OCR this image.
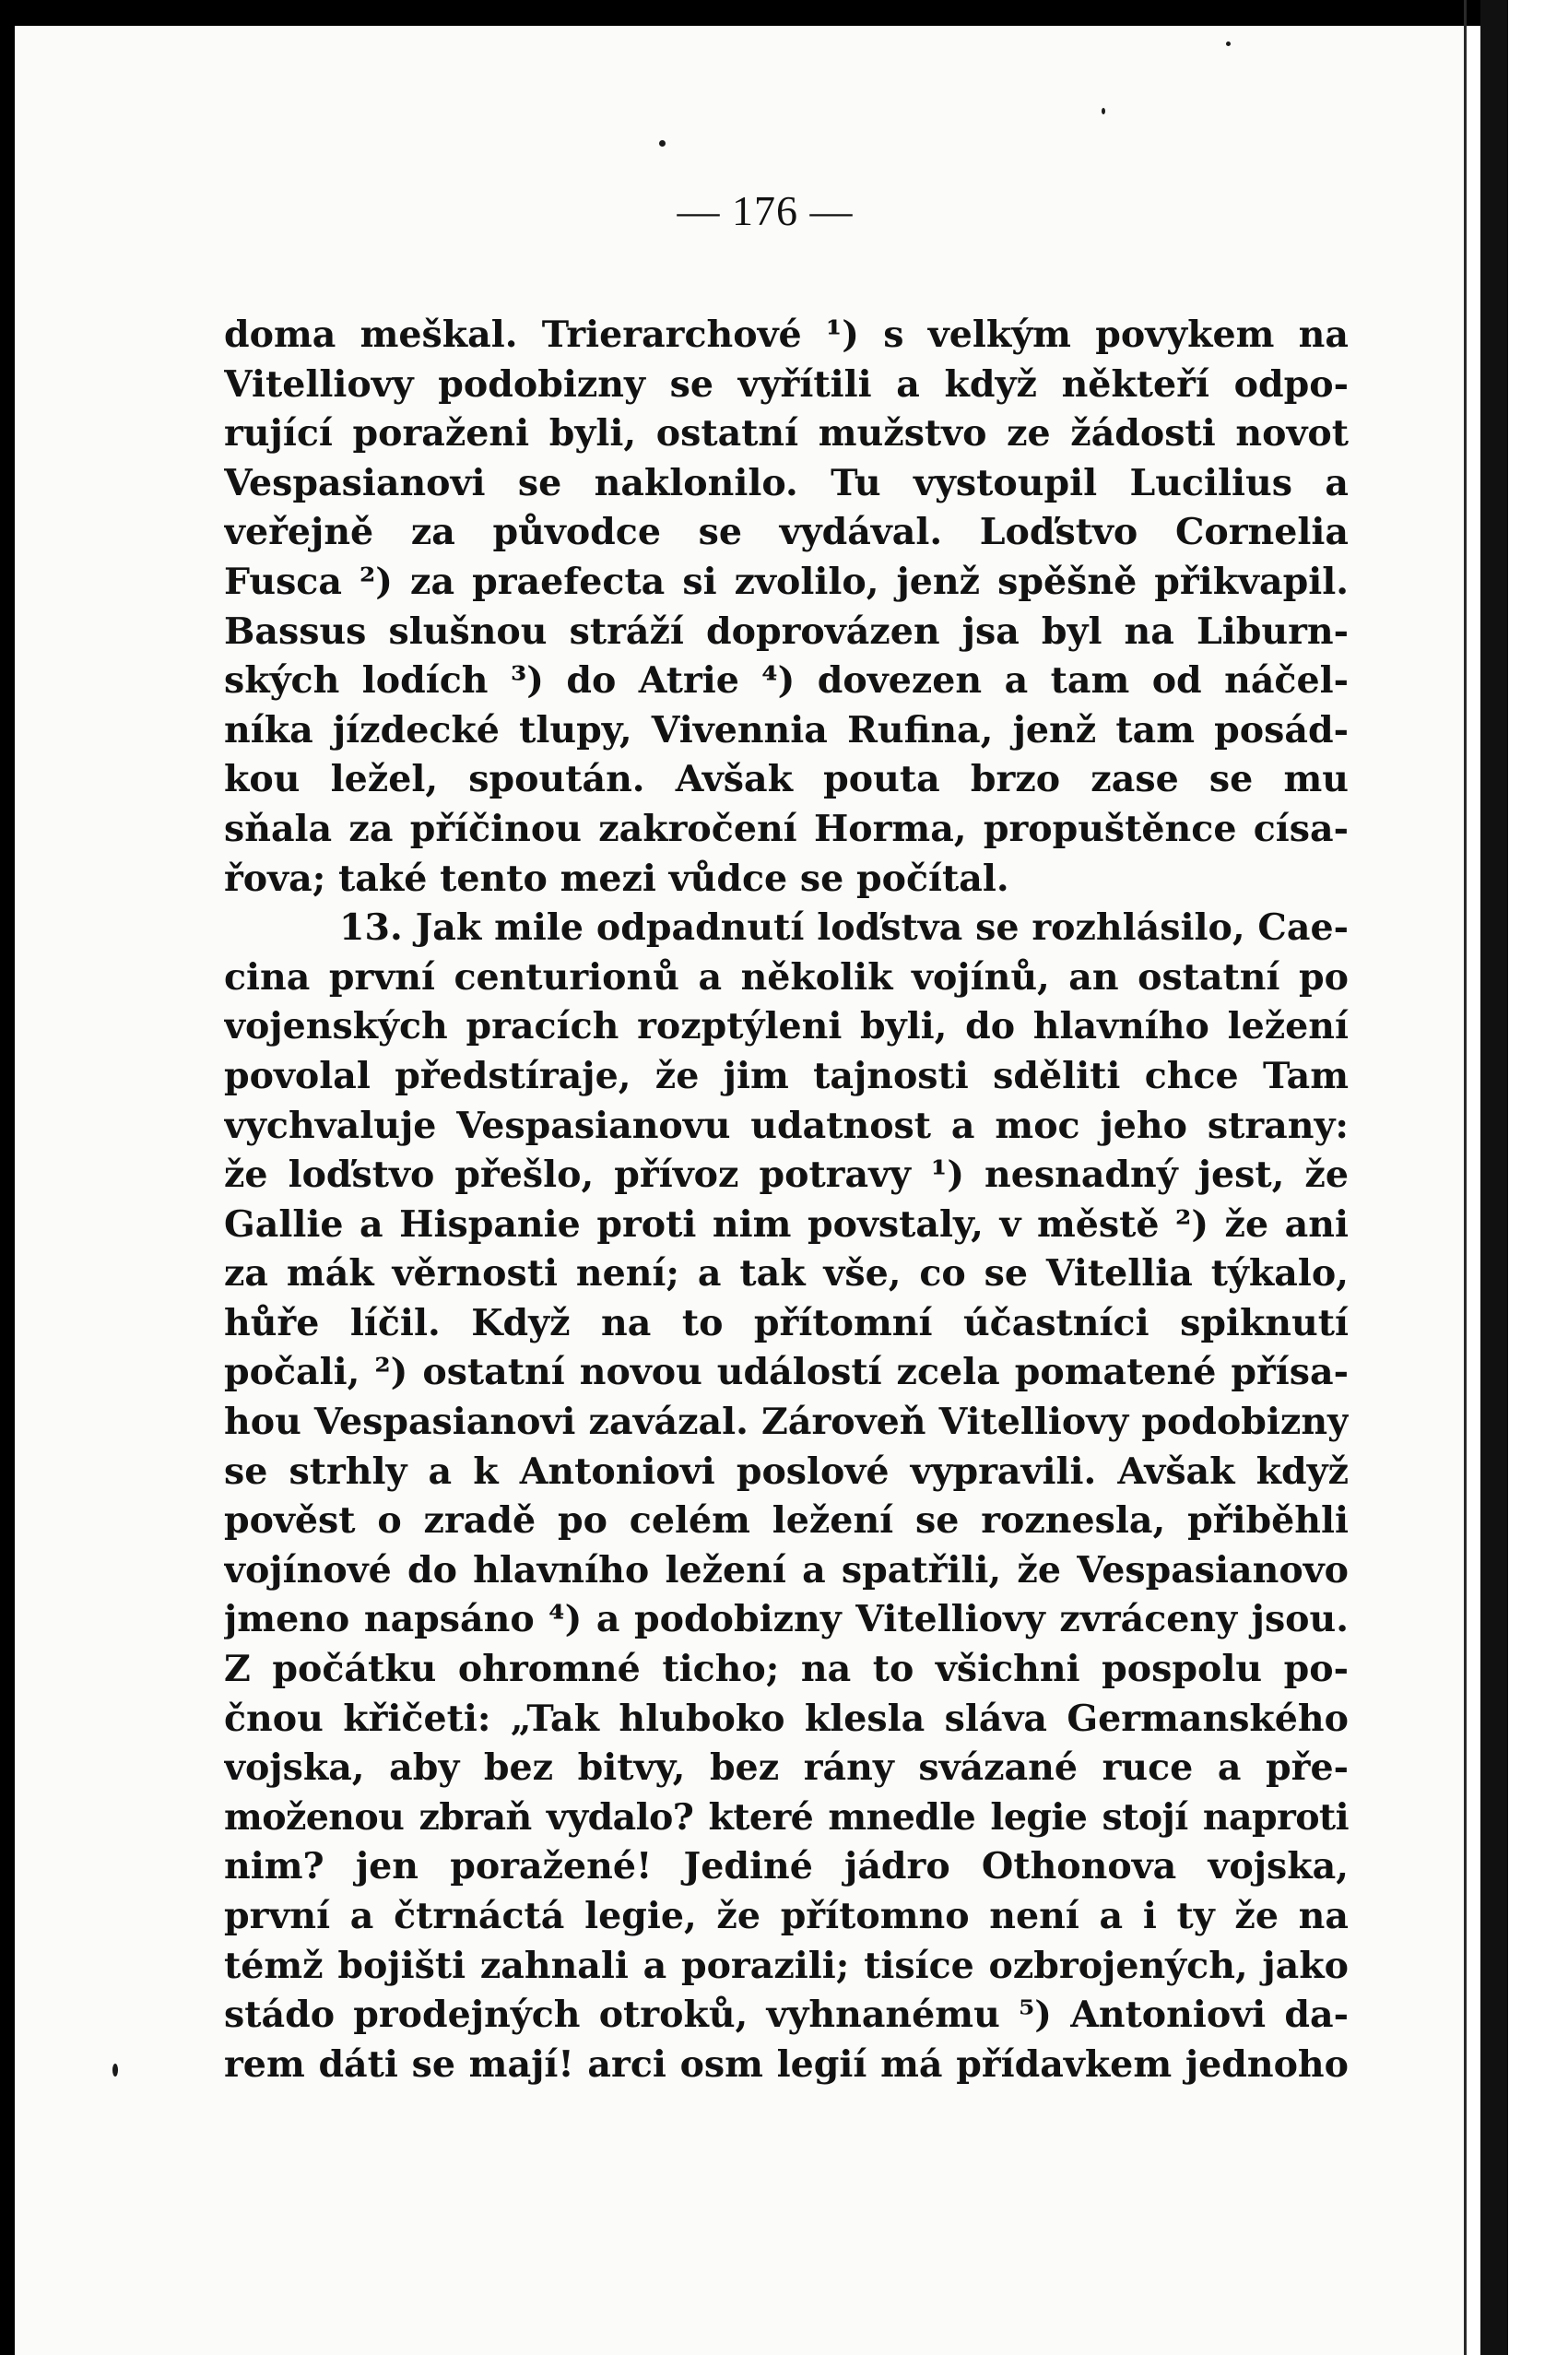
— 176 —
doma meškal. Trierarchové ¹) s velkým povykem na
Vitelliovy podobizny se vyřítili a když někteří odpo-
rující poraženi byli, ostatní mužstvo ze žádosti novot
Vespasianovi se naklonilo. Tu vystoupil Lucilius a
veřejně za původce se vydával. Loďstvo Cornelia
Fusca ²) za praefecta si zvolilo, jenž spěšně přikvapil.
Bassus slušnou stráží doprovázen jsa byl na Liburn-
ských lodích ³) do Atrie ⁴) dovezen a tam od náčel-
níka jízdecké tlupy, Vivennia Rufina, jenž tam posád-
kou ležel, spoután. Avšak pouta brzo zase se mu
sňala za příčinou zakročení Horma, propuštěnce císa-
řova; také tento mezi vůdce se počítal.
13. Jak mile odpadnutí loďstva se rozhlásilo, Cae-
cina první centurionů a několik vojínů, an ostatní po
vojenských pracích rozptýleni byli, do hlavního ležení
povolal předstíraje, že jim tajnosti sděliti chce Tam
vychvaluje Vespasianovu udatnost a moc jeho strany:
že loďstvo přešlo, přívoz potravy ¹) nesnadný jest, že
Gallie a Hispanie proti nim povstaly, v městě ²) že ani
za mák věrnosti není; a tak vše, co se Vitellia týkalo,
hůře líčil. Když na to přítomní účastníci spiknutí
počali, ²) ostatní novou událostí zcela pomatené přísa-
hou Vespasianovi zavázal. Zároveň Vitelliovy podobizny
se strhly a k Antoniovi poslové vypravili. Avšak když
pověst o zradě po celém ležení se roznesla, přiběhli
vojínové do hlavního ležení a spatřili, že Vespasianovo
jmeno napsáno ⁴) a podobizny Vitelliovy zvráceny jsou.
Z počátku ohromné ticho; na to všichni pospolu po-
čnou křičeti: „Tak hluboko klesla sláva Germanského
vojska, aby bez bitvy, bez rány svázané ruce a pře-
moženou zbraň vydalo? které mnedle legie stojí naproti
nim? jen poražené! Jediné jádro Othonova vojska,
první a čtrnáctá legie, že přítomno není a i ty že na
témž bojišti zahnali a porazili; tisíce ozbrojených, jako
stádo prodejných otroků, vyhnanému ⁵) Antoniovi da-
rem dáti se mají! arci osm legií má přídavkem jednoho
